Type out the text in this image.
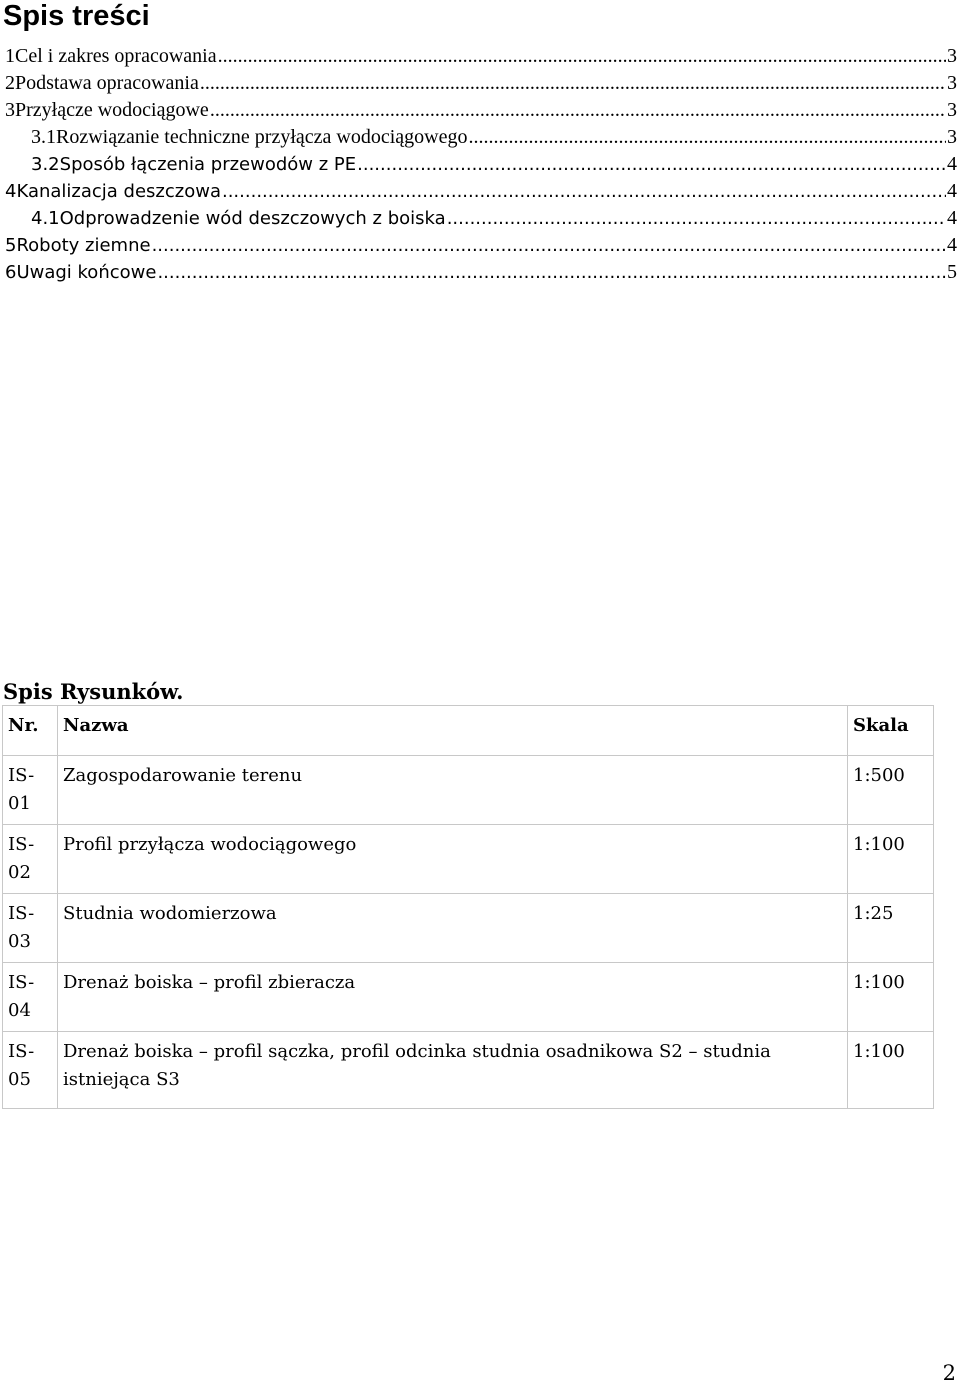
Spis treści
1 Cel i zakres opracowania .....	3
2 Podstawa opracowania .....	3
3 Przyłącze wodociągowe .....	3
3.1 Rozwiązanie techniczne przyłącza wodociągowego .....	3
3.2 Sposób łączenia przewodów z PE .....	4
4 Kanalizacja deszczowa .....	4
4.1 Odprowadzenie wód deszczowych z boiska .....	4
5 Roboty ziemne .....	4
6 Uwagi końcowe .....	5
Spis Rysunków.
Nr.	Nazwa	Skala
IS-01	Zagospodarowanie terenu	1:500
IS-02	Profil przyłącza wodociągowego	1:100
IS-03	Studnia wodomierzowa	1:25
IS-04	Drenaż boiska – profil zbieracza	1:100
IS-05	Drenaż boiska – profil sączka, profil odcinka studnia osadnikowa S2 – studnia istniejąca S3	1:100
2
